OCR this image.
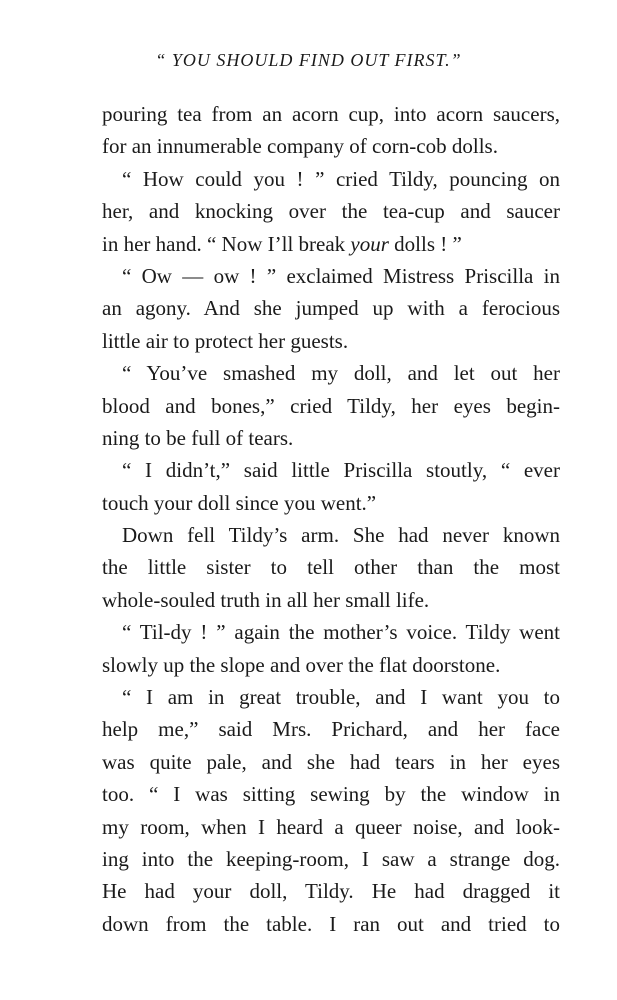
“ YOU SHOULD FIND OUT FIRST.”
pouring tea from an acorn cup, into acorn saucers,
for an innumerable company of corn-cob dolls.
“ How could you ! ” cried Tildy, pouncing on
her, and knocking over the tea-cup and saucer
in her hand. “ Now I’ll break your dolls ! ”
“ Ow — ow ! ” exclaimed Mistress Priscilla in
an agony. And she jumped up with a ferocious
little air to protect her guests.
“ You’ve smashed my doll, and let out her
blood and bones,” cried Tildy, her eyes begin-
ning to be full of tears.
“ I didn’t,” said little Priscilla stoutly, “ ever
touch your doll since you went.”
Down fell Tildy’s arm. She had never known
the little sister to tell other than the most
whole-souled truth in all her small life.
“ Til-dy ! ” again the mother’s voice. Tildy went
slowly up the slope and over the flat doorstone.
“ I am in great trouble, and I want you to
help me,” said Mrs. Prichard, and her face
was quite pale, and she had tears in her eyes
too. “ I was sitting sewing by the window in
my room, when I heard a queer noise, and look-
ing into the keeping-room, I saw a strange dog.
He had your doll, Tildy. He had dragged it
down from the table. I ran out and tried to
